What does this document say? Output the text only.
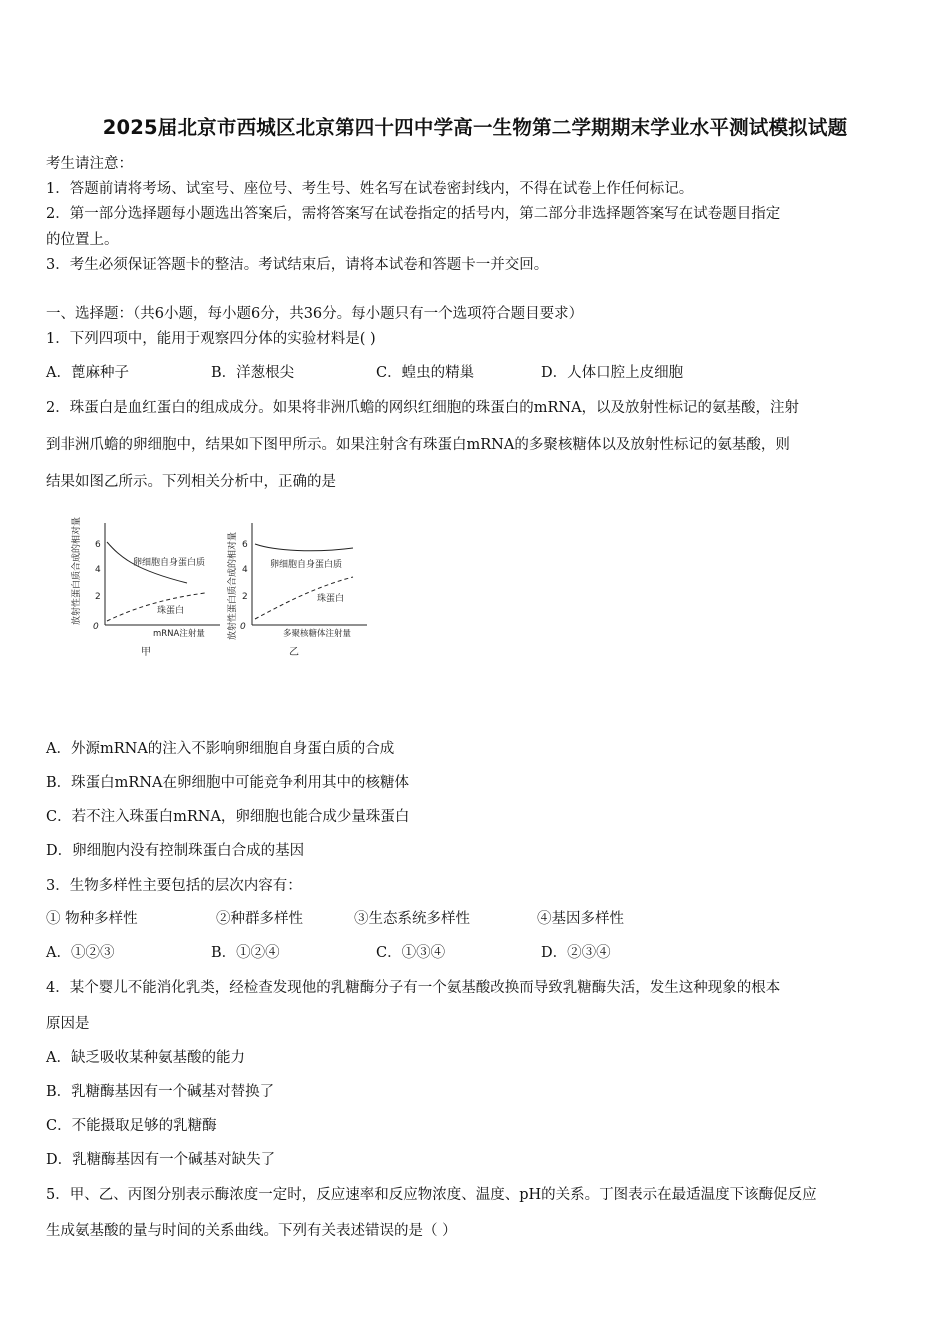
2025届北京市西城区北京第四十四中学高一生物第二学期期末学业水平测试模拟试题
考生请注意：
1．答题前请将考场、试室号、座位号、考生号、姓名写在试卷密封线内，不得在试卷上作任何标记。
2．第一部分选择题每小题选出答案后，需将答案写在试卷指定的括号内，第二部分非选择题答案写在试卷题目指定
的位置上。
3．考生必须保证答题卡的整洁。考试结束后，请将本试卷和答题卡一并交回。
一、选择题：（共6小题，每小题6分，共36分。每小题只有一个选项符合题目要求）
1．下列四项中，能用于观察四分体的实验材料是( )
A．蓖麻种子	B．洋葱根尖	C．蝗虫的精巢	D．人体口腔上皮细胞
2．珠蛋白是血红蛋白的组成成分。如果将非洲爪蟾的网织红细胞的珠蛋白的mRNA，以及放射性标记的氨基酸，注射
到非洲爪蟾的卵细胞中，结果如下图甲所示。如果注射含有珠蛋白mRNA的多聚核糖体以及放射性标记的氨基酸，则
结果如图乙所示。下列相关分析中，正确的是
放射性蛋白质合成的相对量 6
4
2
0
卵细胞自身蛋白质
珠蛋白
mRNA注射量
甲
放射性蛋白质合成的相对量 6
4
2
0
卵细胞自身蛋白质
珠蛋白
多聚核糖体注射量
乙
A．外源mRNA的注入不影响卵细胞自身蛋白质的合成
B．珠蛋白mRNA在卵细胞中可能竞争利用其中的核糖体
C．若不注入珠蛋白mRNA，卵细胞也能合成少量珠蛋白
D．卵细胞内没有控制珠蛋白合成的基因
3．生物多样性主要包括的层次内容有：
① 物种多样性	②种群多样性	③生态系统多样性	④基因多样性
A．①②③	B．①②④	C．①③④	D．②③④
4．某个婴儿不能消化乳类，经检查发现他的乳糖酶分子有一个氨基酸改换而导致乳糖酶失活，发生这种现象的根本
原因是
A．缺乏吸收某种氨基酸的能力
B．乳糖酶基因有一个碱基对替换了
C．不能摄取足够的乳糖酶
D．乳糖酶基因有一个碱基对缺失了
5．甲、乙、丙图分别表示酶浓度一定时，反应速率和反应物浓度、温度、pH的关系。丁图表示在最适温度下该酶促反应
生成氨基酸的量与时间的关系曲线。下列有关表述错误的是（ ）
